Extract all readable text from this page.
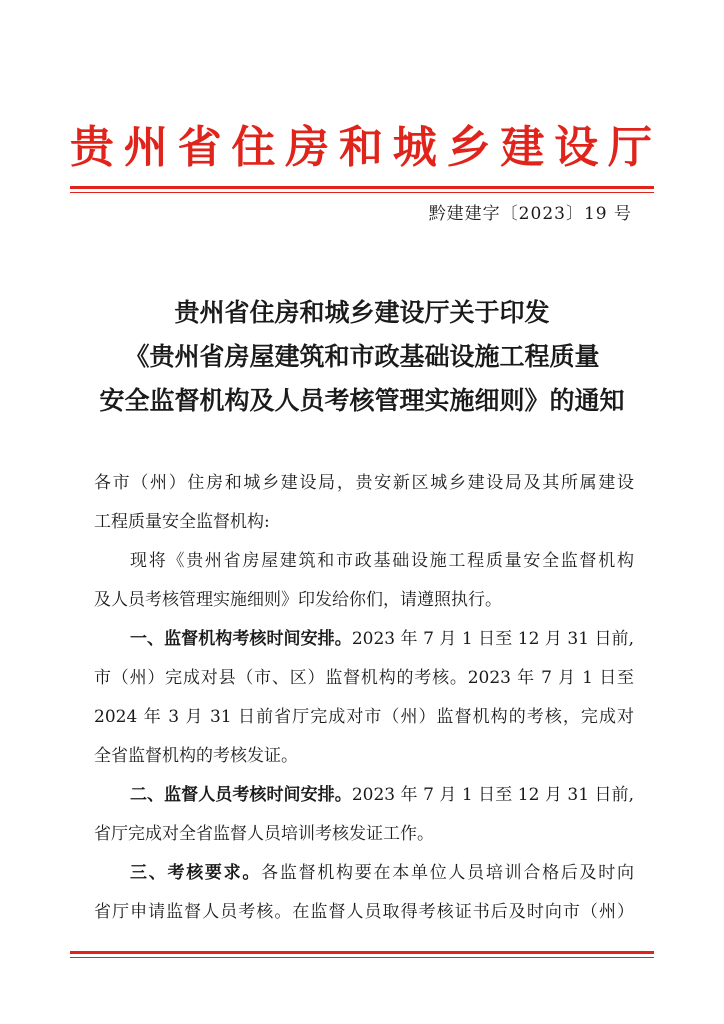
贵州省住房和城乡建设厅
黔建建字〔2023〕19 号
贵州省住房和城乡建设厅关于印发
《贵州省房屋建筑和市政基础设施工程质量
安全监督机构及人员考核管理实施细则》的通知
各市（州）住房和城乡建设局，贵安新区城乡建设局及其所属建设
工程质量安全监督机构:
现将《贵州省房屋建筑和市政基础设施工程质量安全监督机构
及人员考核管理实施细则》印发给你们，请遵照执行。
一、监督机构考核时间安排。2023 年 7 月 1 日至 12 月 31 日前,
市（州）完成对县（市、区）监督机构的考核。2023 年 7 月 1 日至
2024 年 3 月 31 日前省厅完成对市（州）监督机构的考核，完成对
全省监督机构的考核发证。
二、监督人员考核时间安排。2023 年 7 月 1 日至 12 月 31 日前,
省厅完成对全省监督人员培训考核发证工作。
三、考核要求。各监督机构要在本单位人员培训合格后及时向
省厅申请监督人员考核。在监督人员取得考核证书后及时向市（州）
